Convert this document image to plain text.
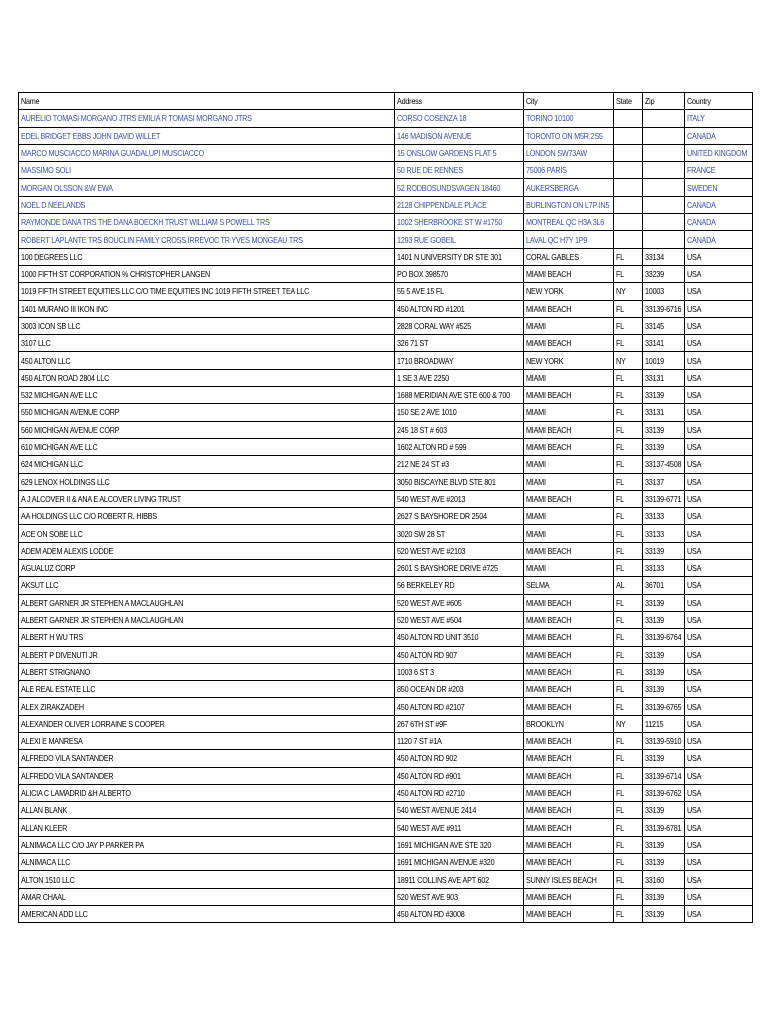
Name	Address	City	State	Zip	Country
AURELIO TOMASI MORGANO JTRS EMILIA R TOMASI MORGANO JTRS	CORSO COSENZA 18	TORINO 10100			ITALY
EDEL BRIDGET EBBS JOHN DAVID WILLET	146 MADISON AVENUE	TORONTO ON M5R 2S5			CANADA
MARCO MUSCIACCO MARINA GUADALUPI MUSCIACCO	15 ONSLOW GARDENS FLAT 5	LONDON SW73AW			UNITED KINGDOM
MASSIMO SOLI	50 RUE DE RENNES	75006 PARIS			FRANCE
MORGAN OLSSON &W EWA	52 RODBOSUNDSVAGEN 18460	AUKERSBERGA			SWEDEN
NOEL D NEELANDS	2128 CHIPPENDALE PLACE	BURLINGTON ON L7P IN5			CANADA
RAYMONDE DANA TRS THE DANA BOECKH TRUST WILLIAM S POWELL TRS	1002 SHERBROOKE ST W #1750	MONTREAL QC H3A 3L6			CANADA
ROBERT LAPLANTE TRS BOUCLIN FAMILY CROSS IRREVOC TR YVES MONGEAU TRS	1293 RUE GOBEIL	LAVAL QC H7Y 1P9			CANADA
100 DEGREES LLC	1401 N UNIVERSITY DR STE 301	CORAL GABLES	FL	33134	USA
1000 FIFTH ST CORPORATION % CHRISTOPHER LANGEN	PO BOX 398570	MIAMI BEACH	FL	33239	USA
1019 FIFTH STREET EQUITIES LLC C/O TIME EQUITIES INC 1019 FIFTH STREET TEA LLC	55 5 AVE 15 FL	NEW YORK	NY	10003	USA
1401 MURANO III IKON INC	450 ALTON RD #1201	MIAMI BEACH	FL	33139-6716	USA
3003 ICON SB LLC	2828 CORAL WAY #525	MIAMI	FL	33145	USA
3107 LLC	326 71 ST	MIAMI BEACH	FL	33141	USA
450 ALTON LLC	1710 BROADWAY	NEW YORK	NY	10019	USA
450 ALTON ROAD 2804 LLC	1 SE 3 AVE 2250	MIAMI	FL	33131	USA
532 MICHIGAN AVE LLC	1688 MERIDIAN AVE STE 600 & 700	MIAMI BEACH	FL	33139	USA
550 MICHIGAN AVENUE CORP	150 SE 2 AVE 1010	MIAMI	FL	33131	USA
560 MICHIGAN AVENUE CORP	245 18 ST # 603	MIAMI BEACH	FL	33139	USA
610 MICHIGAN AVE LLC	1602 ALTON RD # 599	MIAMI BEACH	FL	33139	USA
624 MICHIGAN LLC	212 NE 24 ST #3	MIAMI	FL	33137-4508	USA
629 LENOX HOLDINGS LLC	3050 BISCAYNE BLVD STE 801	MIAMI	FL	33137	USA
A J ALCOVER II & ANA E ALCOVER LIVING TRUST	540 WEST AVE #2013	MIAMI BEACH	FL	33139-6771	USA
AA HOLDINGS LLC C/O ROBERT R. HIBBS	2627 S BAYSHORE DR 2504	MIAMI	FL	33133	USA
ACE ON SOBE LLC	3020 SW 28 ST	MIAMI	FL	33133	USA
ADEM ADEM ALEXIS LODDE	520 WEST AVE #2103	MIAMI BEACH	FL	33139	USA
AGUALUZ CORP	2601 S BAYSHORE DRIVE #725	MIAMI	FL	33133	USA
AKSUT LLC	56 BERKELEY RD	SELMA	AL	36701	USA
ALBERT GARNER JR STEPHEN A MACLAUGHLAN	520 WEST AVE #605	MIAMI BEACH	FL	33139	USA
ALBERT GARNER JR STEPHEN A MACLAUGHLAN	520 WEST AVE #504	MIAMI BEACH	FL	33139	USA
ALBERT H WU TRS	450 ALTON RD UNIT 3510	MIAMI BEACH	FL	33139-6764	USA
ALBERT P DIVENUTI JR	450 ALTON RD 907	MIAMI BEACH	FL	33139	USA
ALBERT STRIGNANO	1003 6 ST 3	MIAMI BEACH	FL	33139	USA
ALE REAL ESTATE LLC	850 OCEAN DR #203	MIAMI BEACH	FL	33139	USA
ALEX ZIRAKZADEH	450 ALTON RD #2107	MIAMI BEACH	FL	33139-6765	USA
ALEXANDER OLIVER LORRAINE S COOPER	267 6TH ST #9F	BROOKLYN	NY	11215	USA
ALEXI E MANRESA	1120 7 ST #1A	MIAMI BEACH	FL	33139-5910	USA
ALFREDO VILA SANTANDER	450 ALTON RD 902	MIAMI BEACH	FL	33139	USA
ALFREDO VILA SANTANDER	450 ALTON RD #901	MIAMI BEACH	FL	33139-6714	USA
ALICIA C LAMADRID &H ALBERTO	450 ALTON RD #2710	MIAMI BEACH	FL	33139-6762	USA
ALLAN BLANK	540 WEST AVENUE 2414	MIAMI BEACH	FL	33139	USA
ALLAN KLEER	540 WEST AVE #911	MIAMI BEACH	FL	33139-6781	USA
ALNIMACA LLC C/O JAY P PARKER PA	1691 MICHIGAN AVE STE 320	MIAMI BEACH	FL	33139	USA
ALNIMACA LLC	1691 MICHIGAN AVENUE #320	MIAMI BEACH	FL	33139	USA
ALTON 1510 LLC	18911 COLLINS AVE APT 602	SUNNY ISLES BEACH	FL	33160	USA
AMAR CHAAL	520 WEST AVE 903	MIAMI BEACH	FL	33139	USA
AMERICAN ADD LLC	450 ALTON RD #3008	MIAMI BEACH	FL	33139	USA
